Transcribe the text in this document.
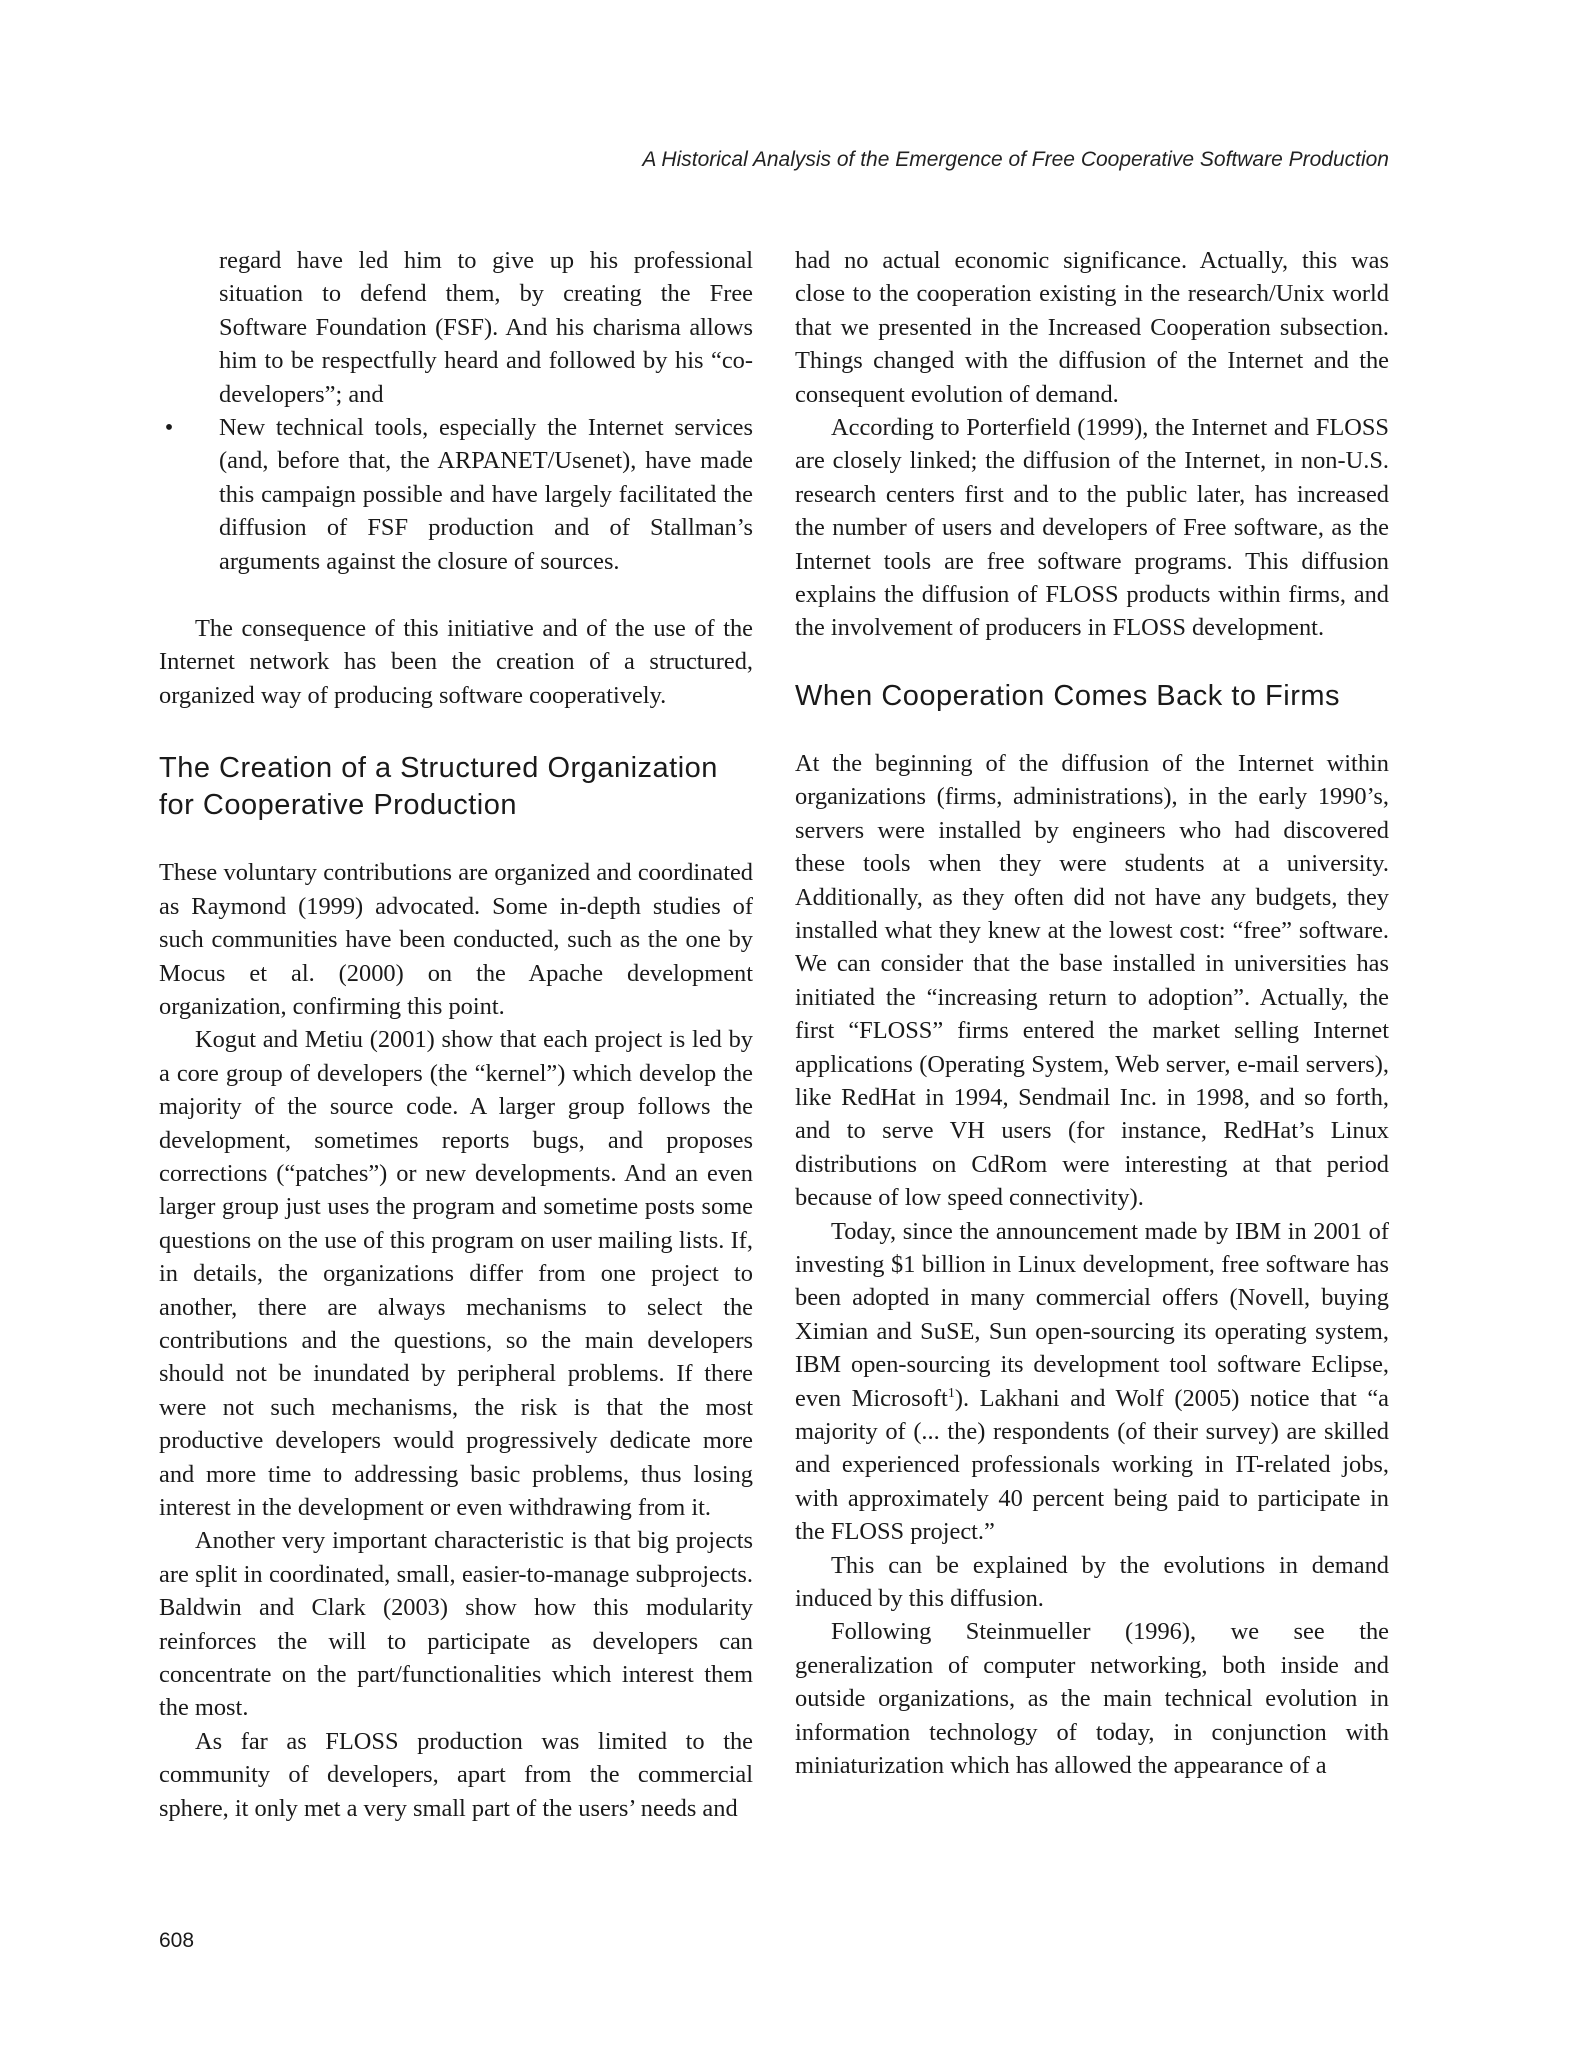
A Historical Analysis of the Emergence of Free Cooperative Software Production
regard have led him to give up his professional situation to defend them, by creating the Free Software Foundation (FSF). And his charisma allows him to be respectfully heard and followed by his “co-developers”; and
• New technical tools, especially the Internet services (and, before that, the ARPANET/Usenet), have made this campaign possible and have largely facilitated the diffusion of FSF production and of Stallman’s arguments against the closure of sources.

The consequence of this initiative and of the use of the Internet network has been the creation of a structured, organized way of producing software cooperatively.

The Creation of a Structured Organization for Cooperative Production

These voluntary contributions are organized and coordinated as Raymond (1999) advocated. Some in-depth studies of such communities have been conducted, such as the one by Mocus et al. (2000) on the Apache development organization, confirming this point.

Kogut and Metiu (2001) show that each project is led by a core group of developers (the “kernel”) which develop the majority of the source code. A larger group follows the development, sometimes reports bugs, and proposes corrections (“patches”) or new developments. And an even larger group just uses the program and sometime posts some questions on the use of this program on user mailing lists. If, in details, the organizations differ from one project to another, there are always mechanisms to select the contributions and the questions, so the main developers should not be inundated by peripheral problems. If there were not such mechanisms, the risk is that the most productive developers would progressively dedicate more and more time to addressing basic problems, thus losing interest in the development or even withdrawing from it.

Another very important characteristic is that big projects are split in coordinated, small, easier-to-manage subprojects. Baldwin and Clark (2003) show how this modularity reinforces the will to participate as developers can concentrate on the part/functionalities which interest them the most.

As far as FLOSS production was limited to the community of developers, apart from the commercial sphere, it only met a very small part of the users’ needs and

had no actual economic significance. Actually, this was close to the cooperation existing in the research/Unix world that we presented in the Increased Cooperation subsection. Things changed with the diffusion of the Internet and the consequent evolution of demand.

According to Porterfield (1999), the Internet and FLOSS are closely linked; the diffusion of the Internet, in non-U.S. research centers first and to the public later, has increased the number of users and developers of Free software, as the Internet tools are free software programs. This diffusion explains the diffusion of FLOSS products within firms, and the involvement of producers in FLOSS development.

When Cooperation Comes Back to Firms

At the beginning of the diffusion of the Internet within organizations (firms, administrations), in the early 1990’s, servers were installed by engineers who had discovered these tools when they were students at a university. Additionally, as they often did not have any budgets, they installed what they knew at the lowest cost: “free” software. We can consider that the base installed in universities has initiated the “increasing return to adoption”. Actually, the first “FLOSS” firms entered the market selling Internet applications (Operating System, Web server, e-mail servers), like RedHat in 1994, Sendmail Inc. in 1998, and so forth, and to serve VH users (for instance, RedHat’s Linux distributions on CdRom were interesting at that period because of low speed connectivity).

Today, since the announcement made by IBM in 2001 of investing $1 billion in Linux development, free software has been adopted in many commercial offers (Novell, buying Ximian and SuSE, Sun open-sourcing its operating system, IBM open-sourcing its development tool software Eclipse, even Microsoft$^1$). Lakhani and Wolf (2005) notice that “a majority of (... the) respondents (of their survey) are skilled and experienced professionals working in IT-related jobs, with approximately 40 percent being paid to participate in the FLOSS project.”

This can be explained by the evolutions in demand induced by this diffusion.

Following Steinmueller (1996), we see the generalization of computer networking, both inside and outside organizations, as the main technical evolution in information technology of today, in conjunction with miniaturization which has allowed the appearance of a

608
